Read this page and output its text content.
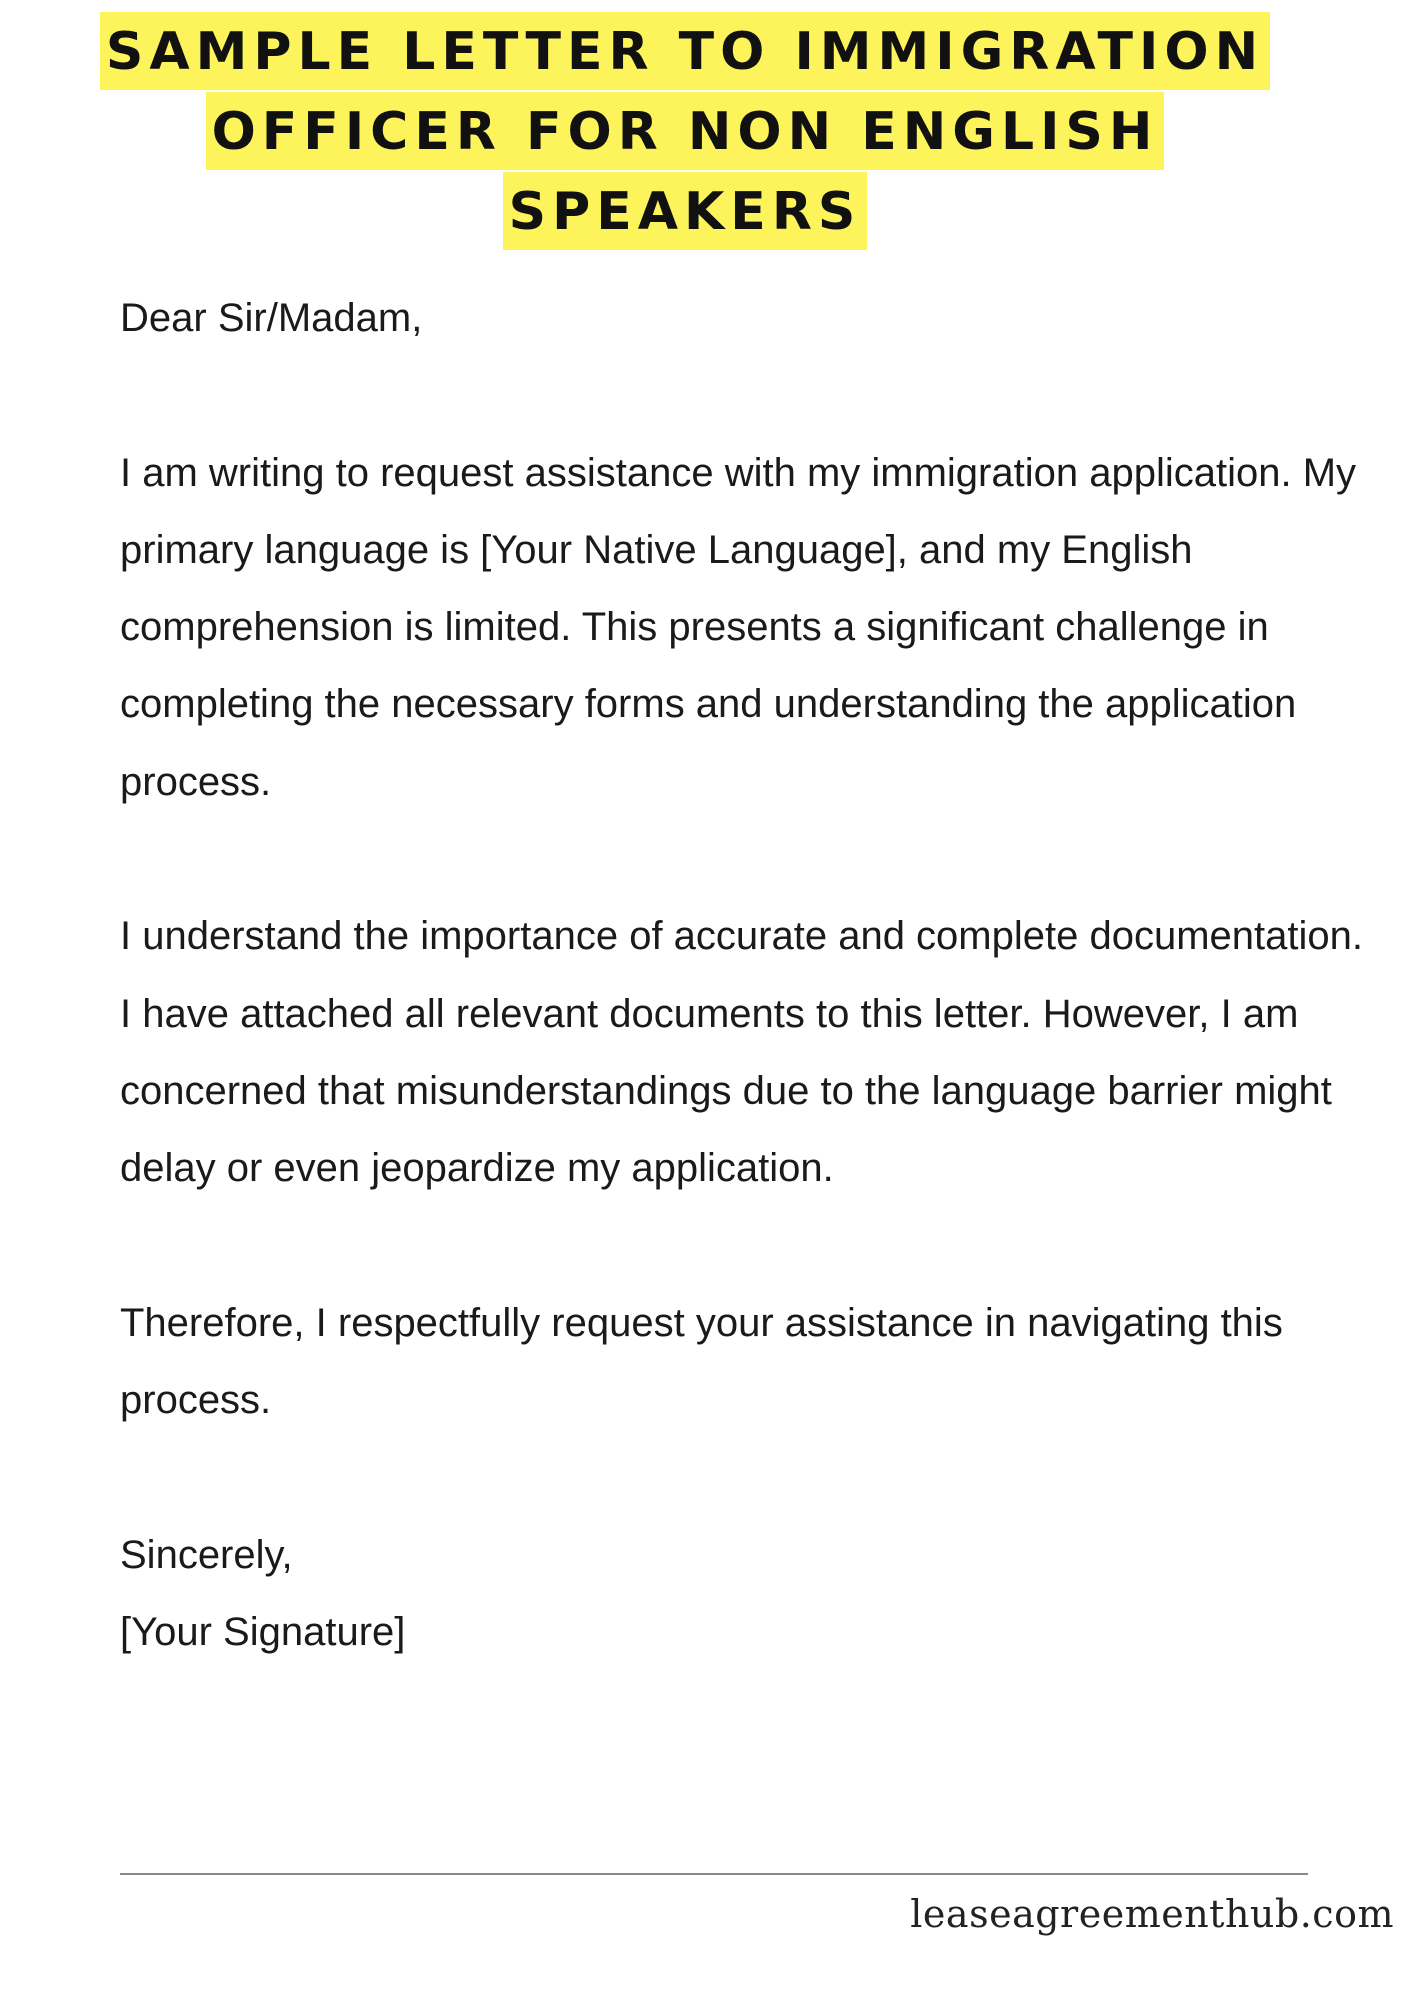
SAMPLE LETTER TO IMMIGRATION
OFFICER FOR NON ENGLISH
SPEAKERS

Dear Sir/Madam,

I am writing to request assistance with my immigration application. My primary language is [Your Native Language], and my English comprehension is limited. This presents a significant challenge in completing the necessary forms and understanding the application process.

I understand the importance of accurate and complete documentation. I have attached all relevant documents to this letter. However, I am concerned that misunderstandings due to the language barrier might delay or even jeopardize my application.

Therefore, I respectfully request your assistance in navigating this process.

Sincerely,

[Your Signature]

leaseagreementhub.com
